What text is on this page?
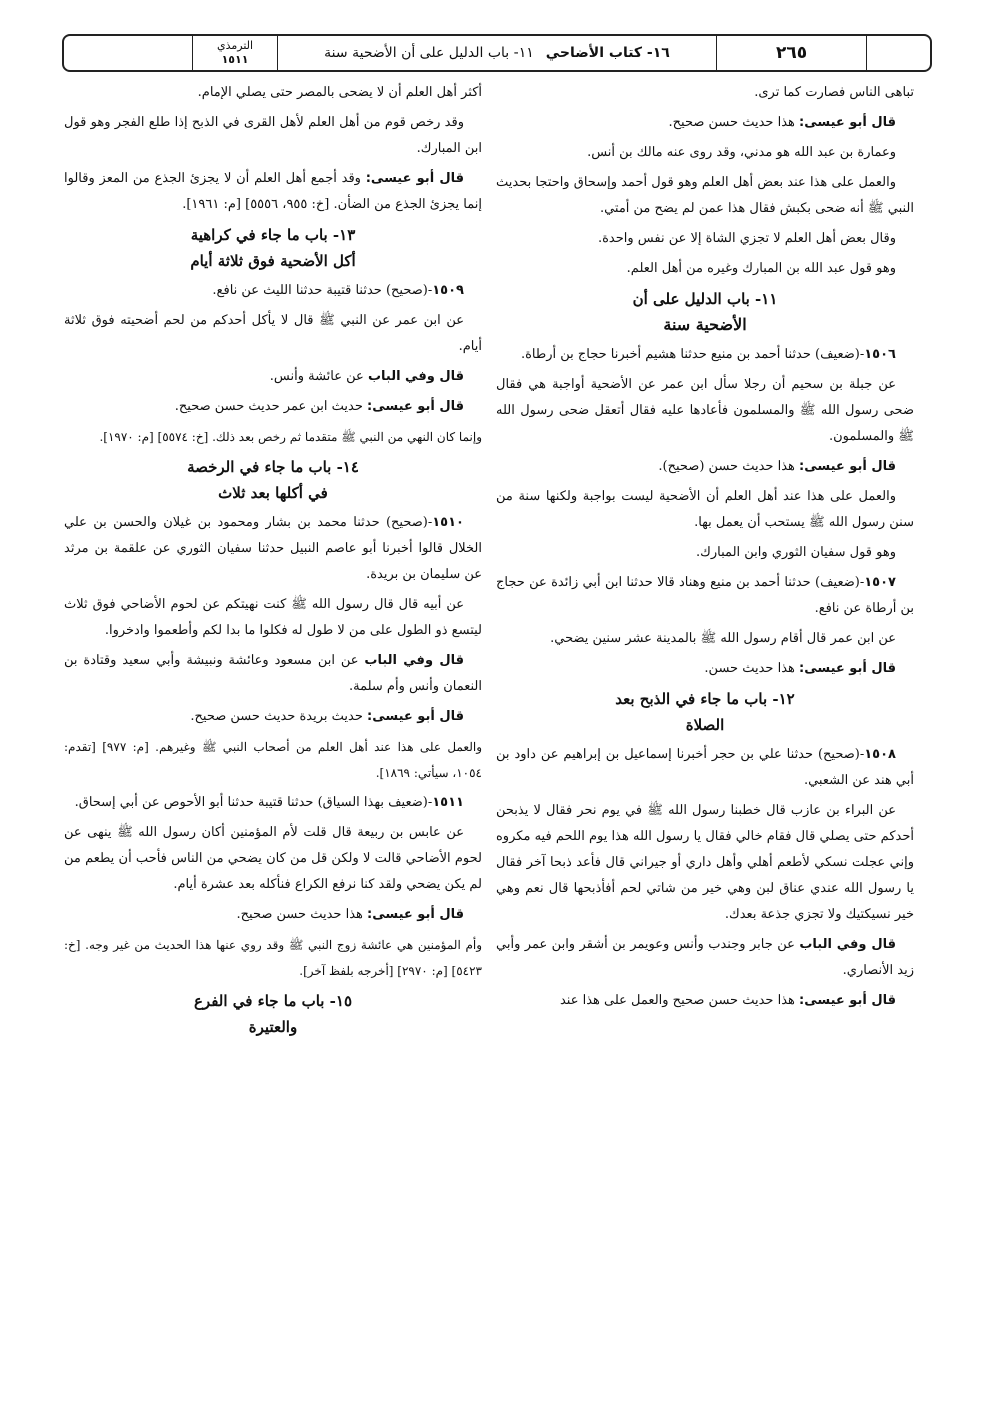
٢٦٥
١٦- كتاب الأضاحي
١١- باب الدليل على أن الأضحية سنة
الترمذي
١٥١١

تباهى الناس فصارت كما ترى.

قال أبو عيسى: هذا حديث حسن صحيح.

وعمارة بن عبد الله هو مدني، وقد روى عنه مالك بن أنس.

والعمل على هذا عند بعض أهل العلم وهو قول أحمد وإسحاق واحتجا بحديث النبي ﷺ أنه ضحى بكبش فقال هذا عمن لم يضح من أمتي.

وقال بعض أهل العلم لا تجزي الشاة إلا عن نفس واحدة.

وهو قول عبد الله بن المبارك وغيره من أهل العلم.

١١- باب الدليل على أن
الأضحية سنة

١٥٠٦-(ضعيف) حدثنا أحمد بن منيع حدثنا هشيم أخبرنا حجاج بن أرطاة.

عن جبلة بن سحيم أن رجلا سأل ابن عمر عن الأضحية أواجبة هي فقال ضحى رسول الله ﷺ والمسلمون فأعادها عليه فقال أتعقل ضحى رسول الله ﷺ والمسلمون.

قال أبو عيسى: هذا حديث حسن (صحيح).

والعمل على هذا عند أهل العلم أن الأضحية ليست بواجبة ولكنها سنة من سنن رسول الله ﷺ يستحب أن يعمل بها.

وهو قول سفيان الثوري وابن المبارك.

١٥٠٧-(ضعيف) حدثنا أحمد بن منيع وهناد قالا حدثنا ابن أبي زائدة عن حجاج بن أرطاة عن نافع.

عن ابن عمر قال أقام رسول الله ﷺ بالمدينة عشر سنين يضحي.

قال أبو عيسى: هذا حديث حسن.

١٢- باب ما جاء في الذبح بعد
الصلاة

١٥٠٨-(صحيح) حدثنا علي بن حجر أخبرنا إسماعيل بن إبراهيم عن داود بن أبي هند عن الشعبي.

عن البراء بن عازب قال خطبنا رسول الله ﷺ في يوم نحر فقال لا يذبحن أحدكم حتى يصلي قال فقام خالي فقال يا رسول الله هذا يوم اللحم فيه مكروه وإني عجلت نسكي لأطعم أهلي وأهل داري أو جيراني قال فأعد ذبحا آخر فقال يا رسول الله عندي عناق لبن وهي خير من شاتي لحم أفأذبحها قال نعم وهي خير نسيكتيك ولا تجزي جذعة بعدك.

قال وفي الباب عن جابر وجندب وأنس وعويمر بن أشقر وابن عمر وأبي زيد الأنصاري.

قال أبو عيسى: هذا حديث حسن صحيح والعمل على هذا عند

أكثر أهل العلم أن لا يضحى بالمصر حتى يصلي الإمام.

وقد رخص قوم من أهل العلم لأهل القرى في الذبح إذا طلع الفجر وهو قول ابن المبارك.

قال أبو عيسى: وقد أجمع أهل العلم أن لا يجزئ الجذع من المعز وقالوا إنما يجزئ الجذع من الضأن. [خ: ٩٥٥، ٥٥٥٦] [م: ١٩٦١].

١٣- باب ما جاء في كراهية
أكل الأضحية فوق ثلاثة أيام

١٥٠٩-(صحيح) حدثنا قتيبة حدثنا الليث عن نافع.

عن ابن عمر عن النبي ﷺ قال لا يأكل أحدكم من لحم أضحيته فوق ثلاثة أيام.

قال وفي الباب عن عائشة وأنس.

قال أبو عيسى: حديث ابن عمر حديث حسن صحيح.

وإنما كان النهي من النبي ﷺ متقدما ثم رخص بعد ذلك. [خ: ٥٥٧٤] [م: ١٩٧٠].

١٤- باب ما جاء في الرخصة
في أكلها بعد ثلاث

١٥١٠-(صحيح) حدثنا محمد بن بشار ومحمود بن غيلان والحسن بن علي الخلال قالوا أخبرنا أبو عاصم النبيل حدثنا سفيان الثوري عن علقمة بن مرثد عن سليمان بن بريدة.

عن أبيه قال قال رسول الله ﷺ كنت نهيتكم عن لحوم الأضاحي فوق ثلاث ليتسع ذو الطول على من لا طول له فكلوا ما بدا لكم وأطعموا وادخروا.

قال وفي الباب عن ابن مسعود وعائشة ونبيشة وأبي سعيد وقتادة بن النعمان وأنس وأم سلمة.

قال أبو عيسى: حديث بريدة حديث حسن صحيح.

والعمل على هذا عند أهل العلم من أصحاب النبي ﷺ وغيرهم. [م: ٩٧٧] [تقدم: ١٠٥٤، سيأتي: ١٨٦٩].

١٥١١-(ضعيف بهذا السياق) حدثنا قتيبة حدثنا أبو الأحوص عن أبي إسحاق.

عن عابس بن ربيعة قال قلت لأم المؤمنين أكان رسول الله ﷺ ينهى عن لحوم الأضاحي قالت لا ولكن قل من كان يضحي من الناس فأحب أن يطعم من لم يكن يضحي ولقد كنا نرفع الكراع فنأكله بعد عشرة أيام.

قال أبو عيسى: هذا حديث حسن صحيح.

وأم المؤمنين هي عائشة زوج النبي ﷺ وقد روي عنها هذا الحديث من غير وجه. [خ: ٥٤٢٣] [م: ٢٩٧٠] [أخرجه بلفظ آخر].

١٥- باب ما جاء في الفرع
والعتيرة
